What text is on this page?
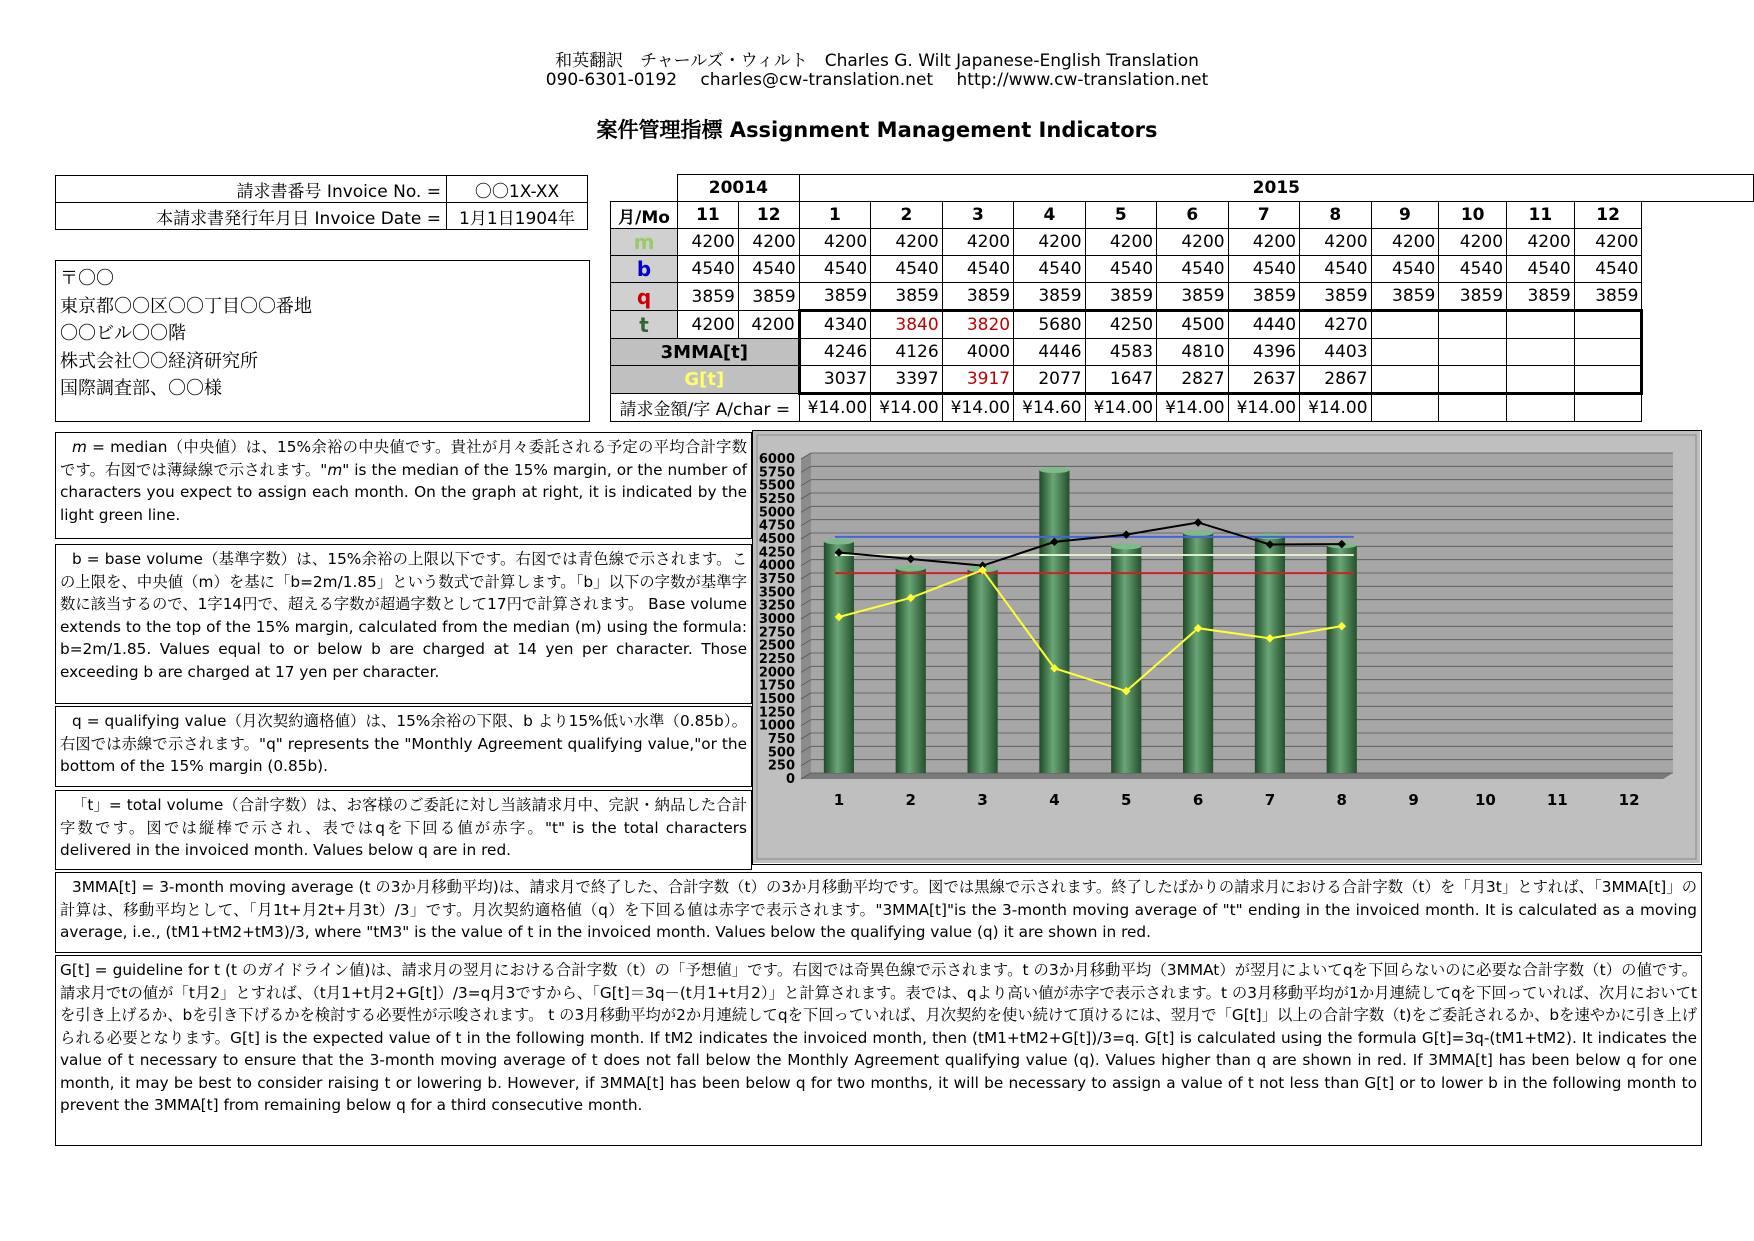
和英翻訳　チャールズ・ウィルト　Charles G. Wilt Japanese-English Translation
090-6301-0192 charles@cw-translation.net http://www.cw-translation.net
案件管理指標 Assignment Management Indicators
請求書番号 Invoice No. =	〇〇1X-XX
本請求書発行年月日 Invoice Date =	1月1日1904年
〒〇〇
東京都〇〇区〇〇丁目〇〇番地
〇〇ビル〇〇階
株式会社〇〇経済研究所
国際調査部、〇〇様
	20014		2015											
月/Mo	11	12	1	2	3	4	5	6	7	8	9	10	11	12
m	4200	4200	4200	4200	4200	4200	4200	4200	4200	4200	4200	4200	4200	4200
b	4540	4540	4540	4540	4540	4540	4540	4540	4540	4540	4540	4540	4540	4540
q	3859	3859	3859	3859	3859	3859	3859	3859	3859	3859	3859	3859	3859	3859
t	4200	4200	4340	3840	3820	5680	4250	4500	4440	4270				
3MMA[t]			4246	4126	4000	4446	4583	4810	4396	4403				
G[t]			3037	3397	3917	2077	1647	2827	2637	2867				
請求金額/字 A/char =			¥14.00	¥14.00	¥14.00	¥14.60	¥14.00	¥14.00	¥14.00	¥14.00				
m = median（中央値）は、15%余裕の中央値です。貴社が月々委託される予定の平均合計字数です。右図では薄緑線で示されます。"m" is the median of the 15% margin, or the number of characters you expect to assign each month. On the graph at right, it is indicated by the light green line.
b = base volume（基準字数）は、15%余裕の上限以下です。右図では青色線で示されます。この上限を、中央値（m）を基に「b=2m/1.85」という数式で計算します。「b」以下の字数が基準字数に該当するので、1字14円で、超える字数が超過字数として17円で計算されます。 Base volume extends to the top of the 15% margin, calculated from the median (m) using the formula: b=2m/1.85. Values equal to or below b are charged at 14 yen per character. Those exceeding b are charged at 17 yen per character.
q = qualifying value（月次契約適格値）は、15%余裕の下限、b より15%低い水準（0.85b）。右図では赤線で示されます。"q" represents the "Monthly Agreement qualifying value,"or the bottom of the 15% margin (0.85b).
「t」= total volume（合計字数）は、お客様のご委託に対し当該請求月中、完訳・納品した合計字数です。図では縦棒で示され、表ではqを下回る値が赤字。"t" is the total characters delivered in the invoiced month. Values below q are in red.
3MMA[t] = 3-month moving average (t の3か月移動平均)は、請求月で終了した、合計字数（t）の3か月移動平均です。図では黒線で示されます。終了したばかりの請求月における合計字数（t）を「月3t」とすれば、「3MMA[t]」の計算は、移動平均として、「月1t+月2t+月3t）/3」です。月次契約適格値（q）を下回る値は赤字で表示されます。"3MMA[t]"is the 3-month moving average of "t" ending in the invoiced month. It is calculated as a moving average, i.e., (tM1+tM2+tM3)/3, where "tM3" is the value of t in the invoiced month. Values below the qualifying value (q) it are shown in red.
G[t] = guideline for t (t のガイドライン値)は、請求月の翌月における合計字数（t）の「予想値」です。右図では奇異色線で示されます。t の3か月移動平均（3MMAt）が翌月によいてqを下回らないのに必要な合計字数（t）の値です。請求月でtの値が「t月2」とすれば、（t月1+t月2+G[t]）/3=q月3ですから、「G[t]＝3q－(t月1+t月2）」と計算されます。表では、qより高い値が赤字で表示されます。t の3月移動平均が1か月連続してqを下回っていれば、次月においてtを引き上げるか、bを引き下げるかを検討する必要性が示唆されます。 t の3月移動平均が2か月連続してqを下回っていれば、月次契約を使い続けて頂けるには、翌月で「G[t]」以上の合計字数（t)をご委託されるか、bを速やかに引き上げられる必要となります。G[t] is the expected value of t in the following month. If tM2 indicates the invoiced month, then (tM1+tM2+G[t])/3=q. G[t] is calculated using the formula G[t]=3q-(tM1+tM2). It indicates the value of t necessary to ensure that the 3-month moving average of t does not fall below the Monthly Agreement qualifying value (q). Values higher than q are shown in red. If 3MMA[t] has been below q for one month, it may be best to consider raising t or lowering b. However, if 3MMA[t] has been below q for two months, it will be necessary to assign a value of t not less than G[t] or to lower b in the following month to prevent the 3MMA[t] from remaining below q for a third consecutive month.
0
250
500
750
1000
1250
1500
1750
2000
2250
2500
2750
3000
3250
3500
3750
4000
4250
4500
4750
5000
5250
5500
5750
6000
1	2	3	4	5	6	7	8	9	10	11	12
